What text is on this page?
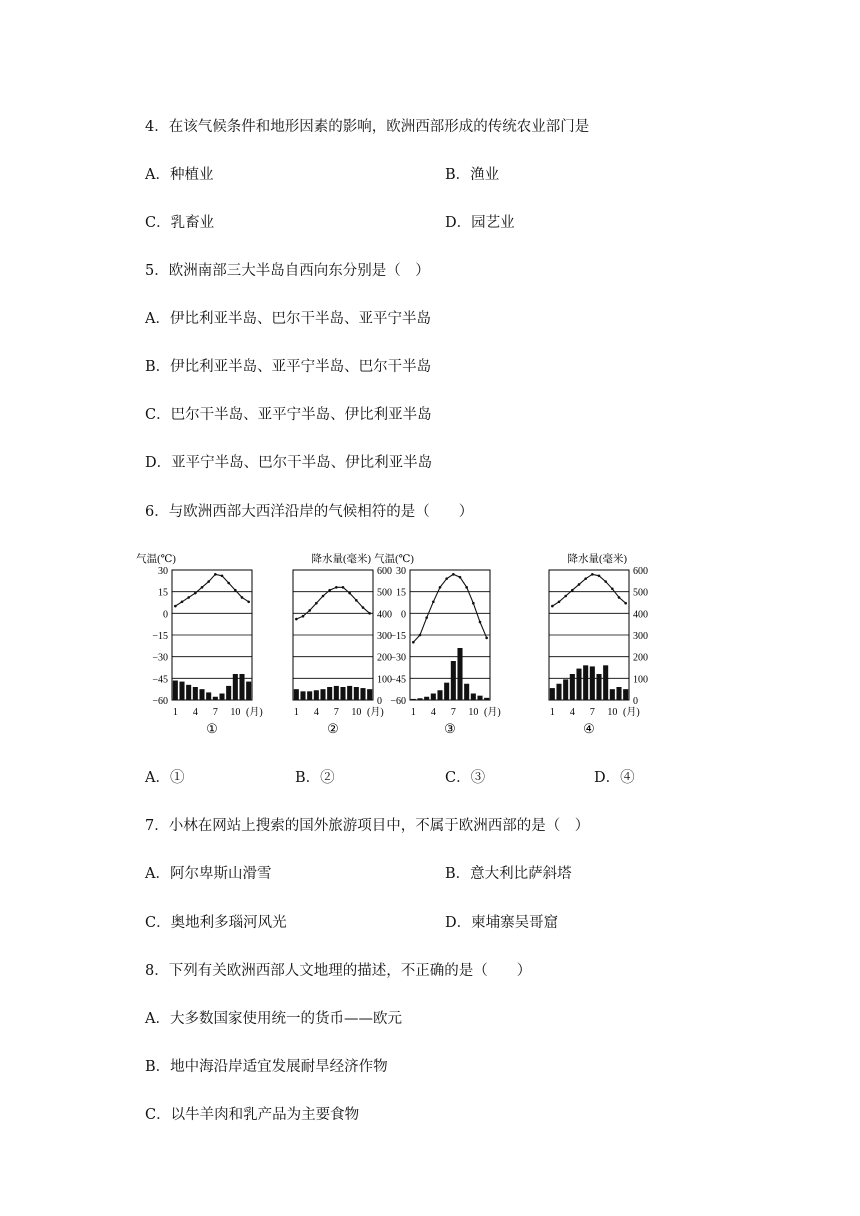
4．在该气候条件和地形因素的影响，欧洲西部形成的传统农业部门是
A．种植业	B．渔业
C．乳畜业	D．园艺业
5．欧洲南部三大半岛自西向东分别是（　）
A．伊比利亚半岛、巴尔干半岛、亚平宁半岛
B．伊比利亚半岛、亚平宁半岛、巴尔干半岛
C．巴尔干半岛、亚平宁半岛、伊比利亚半岛
D．亚平宁半岛、巴尔干半岛、伊比利亚半岛
6．与欧洲西部大西洋沿岸的气候相符的是（　　）
气温(℃)
30
15
0
−15
−30
−45
−60
1 4 7 10 (月)
①
降水量(毫米)
600
500
400
300
200
100
0
1 4 7 10 (月)
②
气温(℃)
30
15
0
−15
−30
−45
−60
1 4 7 10 (月)
③
降水量(毫米)
600
500
400
300
200
100
0
1 4 7 10 (月)
④
A．①	B．②	C．③	D．④
7．小林在网站上搜索的国外旅游项目中，不属于欧洲西部的是（　）
A．阿尔卑斯山滑雪	B．意大利比萨斜塔
C．奥地利多瑙河风光	D．柬埔寨吴哥窟
8．下列有关欧洲西部人文地理的描述，不正确的是（　　）
A．大多数国家使用统一的货币——欧元
B．地中海沿岸适宜发展耐旱经济作物
C．以牛羊肉和乳产品为主要食物
